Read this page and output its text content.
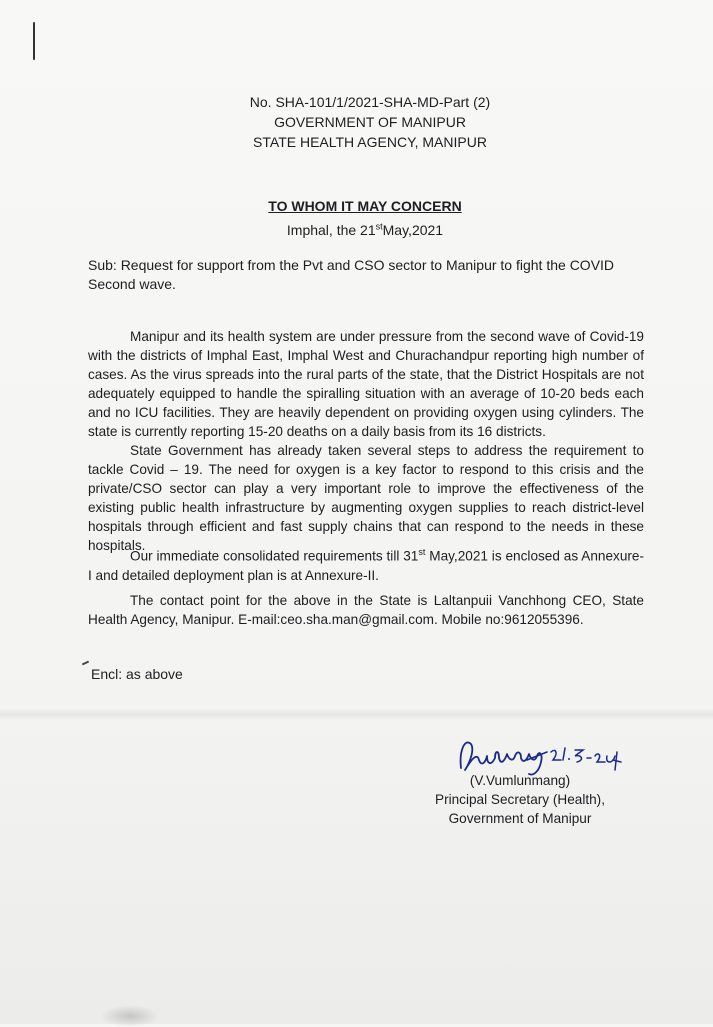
No. SHA-101/1/2021-SHA-MD-Part (2)
GOVERNMENT OF MANIPUR
STATE HEALTH AGENCY, MANIPUR
TO WHOM IT MAY CONCERN
Imphal, the 21stMay,2021
Sub: Request for support from the Pvt and CSO sector to Manipur to fight the COVID Second wave.
Manipur and its health system are under pressure from the second wave of Covid-19 with the districts of Imphal East, Imphal West and Churachandpur reporting high number of cases. As the virus spreads into the rural parts of the state, that the District Hospitals are not adequately equipped to handle the spiralling situation with an average of 10-20 beds each and no ICU facilities. They are heavily dependent on providing oxygen using cylinders. The state is currently reporting 15-20 deaths on a daily basis from its 16 districts.
State Government has already taken several steps to address the requirement to tackle Covid – 19. The need for oxygen is a key factor to respond to this crisis and the private/CSO sector can play a very important role to improve the effectiveness of the existing public health infrastructure by augmenting oxygen supplies to reach district-level hospitals through efficient and fast supply chains that can respond to the needs in these hospitals.
Our immediate consolidated requirements till 31st May,2021 is enclosed as Annexure-I and detailed deployment plan is at Annexure-II.
The contact point for the above in the State is Laltanpuii Vanchhong CEO, State Health Agency, Manipur. E-mail:ceo.sha.man@gmail.com. Mobile no:9612055396.
Encl: as above
(V.Vumlunmang)
Principal Secretary (Health),
Government of Manipur
